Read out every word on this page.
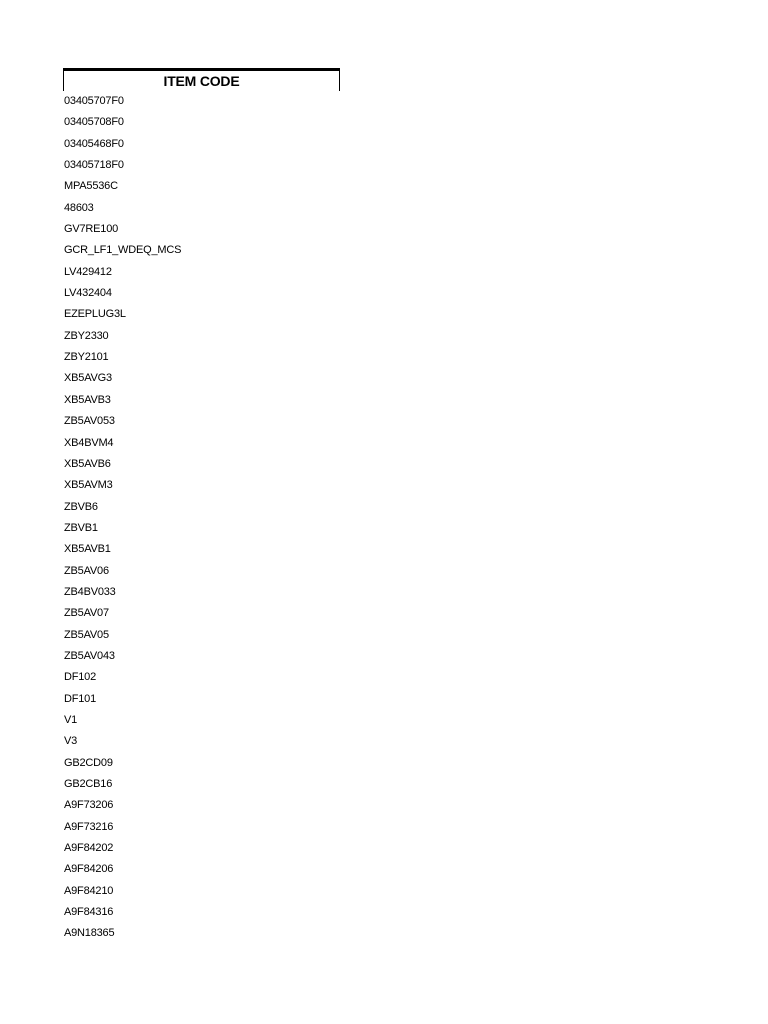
ITEM CODE
03405707F0
03405708F0
03405468F0
03405718F0
MPA5536C
48603
GV7RE100
GCR_LF1_WDEQ_MCS
LV429412
LV432404
EZEPLUG3L
ZBY2330
ZBY2101
XB5AVG3
XB5AVB3
ZB5AV053
XB4BVM4
XB5AVB6
XB5AVM3
ZBVB6
ZBVB1
XB5AVB1
ZB5AV06
ZB4BV033
ZB5AV07
ZB5AV05
ZB5AV043
DF102
DF101
V1
V3
GB2CD09
GB2CB16
A9F73206
A9F73216
A9F84202
A9F84206
A9F84210
A9F84316
A9N18365
